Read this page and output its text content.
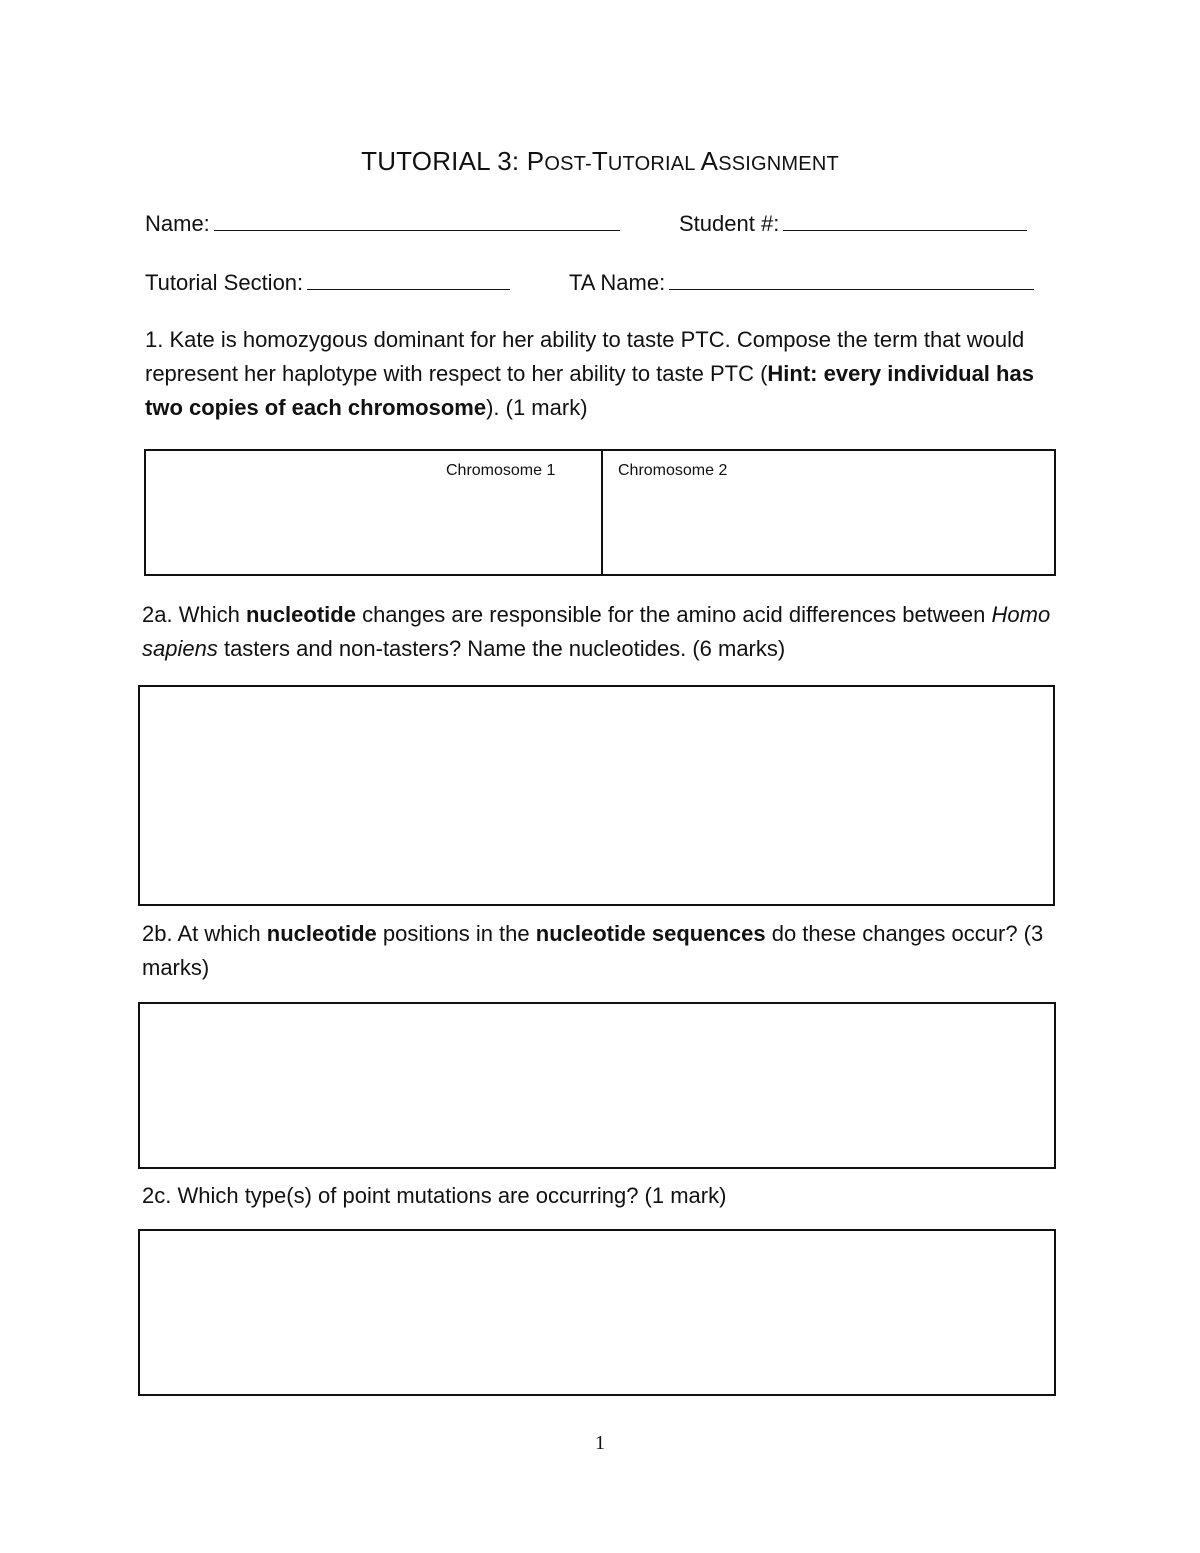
TUTORIAL 3: POST-TUTORIAL ASSIGNMENT
Name:	Student #:
Tutorial Section:	TA Name:
1. Kate is homozygous dominant for her ability to taste PTC. Compose the term that would represent her haplotype with respect to her ability to taste PTC (Hint: every individual has two copies of each chromosome). (1 mark)
Chromosome 1	Chromosome 2
2a. Which nucleotide changes are responsible for the amino acid differences between Homo sapiens tasters and non-tasters? Name the nucleotides. (6 marks)
2b. At which nucleotide positions in the nucleotide sequences do these changes occur? (3 marks)
2c. Which type(s) of point mutations are occurring? (1 mark)
1
